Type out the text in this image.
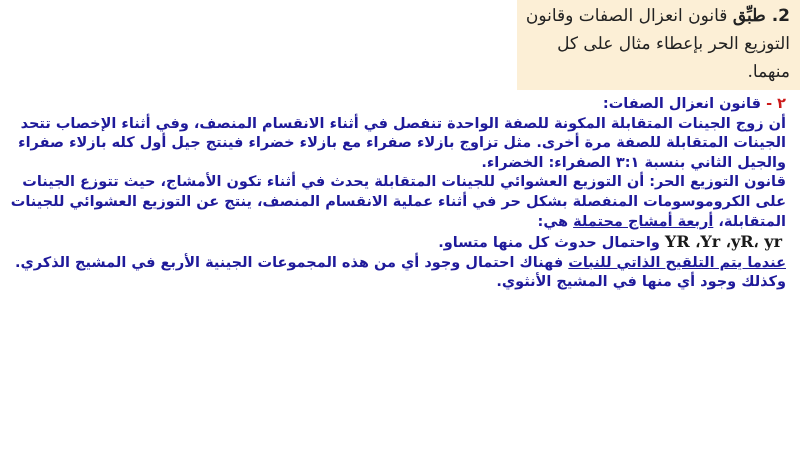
2.طبِّق قانون انعزال الصفات وقانون التوزيع الحر بإعطاء مثال على كل منهما.

٢ - قانون انعزال الصفات:

أن زوج الجينات المتقابلة المكونة للصفة الواحدة تنفصل في أثناء الانقسام المنصف، وفي أثناء الإخصاب تتحد الجينات المتقابلة للصفة مرة أخرى. مثل تزاوج بازلاء صفراء مع بازلاء خضراء فينتج جيل أول كله بازلاء صفراء والجيل الثاني بنسبة ٣:١ الصفراء: الخضراء.

قانون التوزيع الحر: أن التوزيع العشوائي للجينات المتقابلة يحدث في أثناء تكون الأمشاج، حيث تتوزع الجينات على الكروموسومات المنفصلة بشكل حر في أثناء عملية الانقسام المنصف، ينتج عن التوزيع العشوائي للجينات المتقابلة، أربعة أمشاج محتملة هي:

YR ،Yr ،yR، yr واحتمال حدوث كل منها متساو.

عندما يتم التلقيح الذاتي للنبات فهناك احتمال وجود أي من هذه المجموعات الجينية الأربع في المشيج الذكري. وكذلك وجود أي منها في المشيج الأنثوي.
